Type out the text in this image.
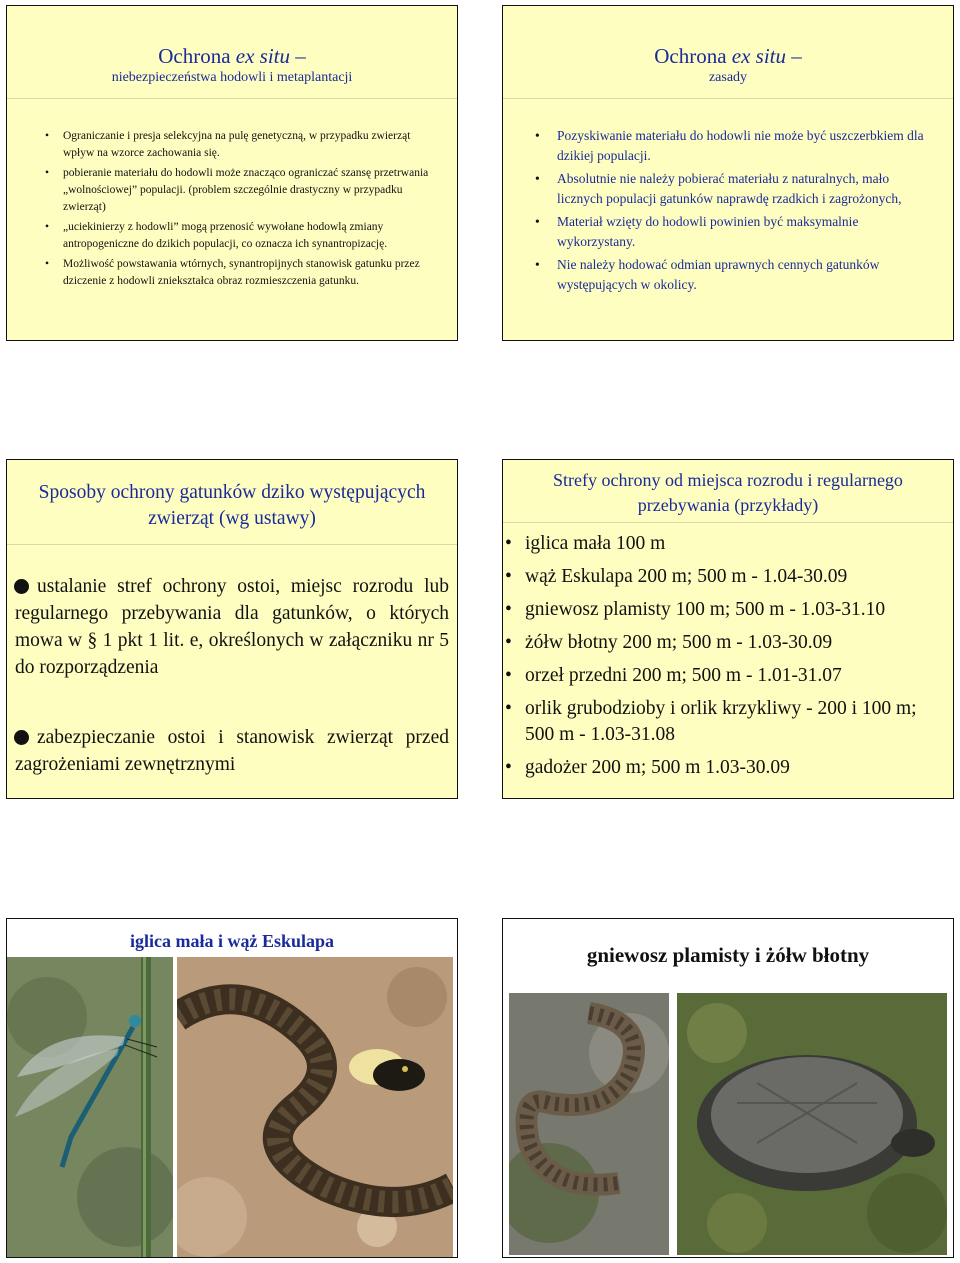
Ochrona ex situ –
niebezpieczeństwa hodowli i metaplantacji
• Ograniczanie i presja selekcyjna na pulę genetyczną, w przypadku zwierząt wpływ na wzorce zachowania się.
• pobieranie materiału do hodowli może znacząco ograniczać szansę przetrwania „wolnościowej” populacji. (problem szczególnie drastyczny w przypadku zwierząt)
• „uciekinierzy z hodowli” mogą przenosić wywołane hodowlą zmiany antropogeniczne do dzikich populacji, co oznacza ich synantropizację.
• Możliwość powstawania wtórnych, synantropijnych stanowisk gatunku przez dziczenie z hodowli zniekształca obraz rozmieszczenia gatunku.
Ochrona ex situ –
zasady
• Pozyskiwanie materiału do hodowli nie może być uszczerbkiem dla dzikiej populacji.
• Absolutnie nie należy pobierać materiału z naturalnych, mało licznych populacji gatunków naprawdę rzadkich i zagrożonych,
• Materiał wzięty do hodowli powinien być maksymalnie wykorzystany.
• Nie należy hodować odmian uprawnych cennych gatunków występujących w okolicy.
Sposoby ochrony gatunków dziko występujących zwierząt (wg ustawy)
ustalanie stref ochrony ostoi, miejsc rozrodu lub regularnego przebywania dla gatunków, o których mowa w § 1 pkt 1 lit. e, określonych w załączniku nr 5 do rozporządzenia
zabezpieczanie ostoi i stanowisk zwierząt przed zagrożeniami zewnętrznymi
Strefy ochrony od miejsca rozrodu i regularnego przebywania (przykłady)
• iglica mała 100 m
• wąż Eskulapa 200 m; 500 m - 1.04-30.09
• gniewosz plamisty 100 m; 500 m - 1.03-31.10
• żółw błotny 200 m; 500 m - 1.03-30.09
• orzeł przedni 200 m; 500 m - 1.01-31.07
• orlik grubodzioby i orlik krzykliwy - 200 i 100 m; 500 m - 1.03-31.08
• gadożer 200 m; 500 m 1.03-30.09
iglica mała i wąż Eskulapa
gniewosz plamisty i żółw błotny
